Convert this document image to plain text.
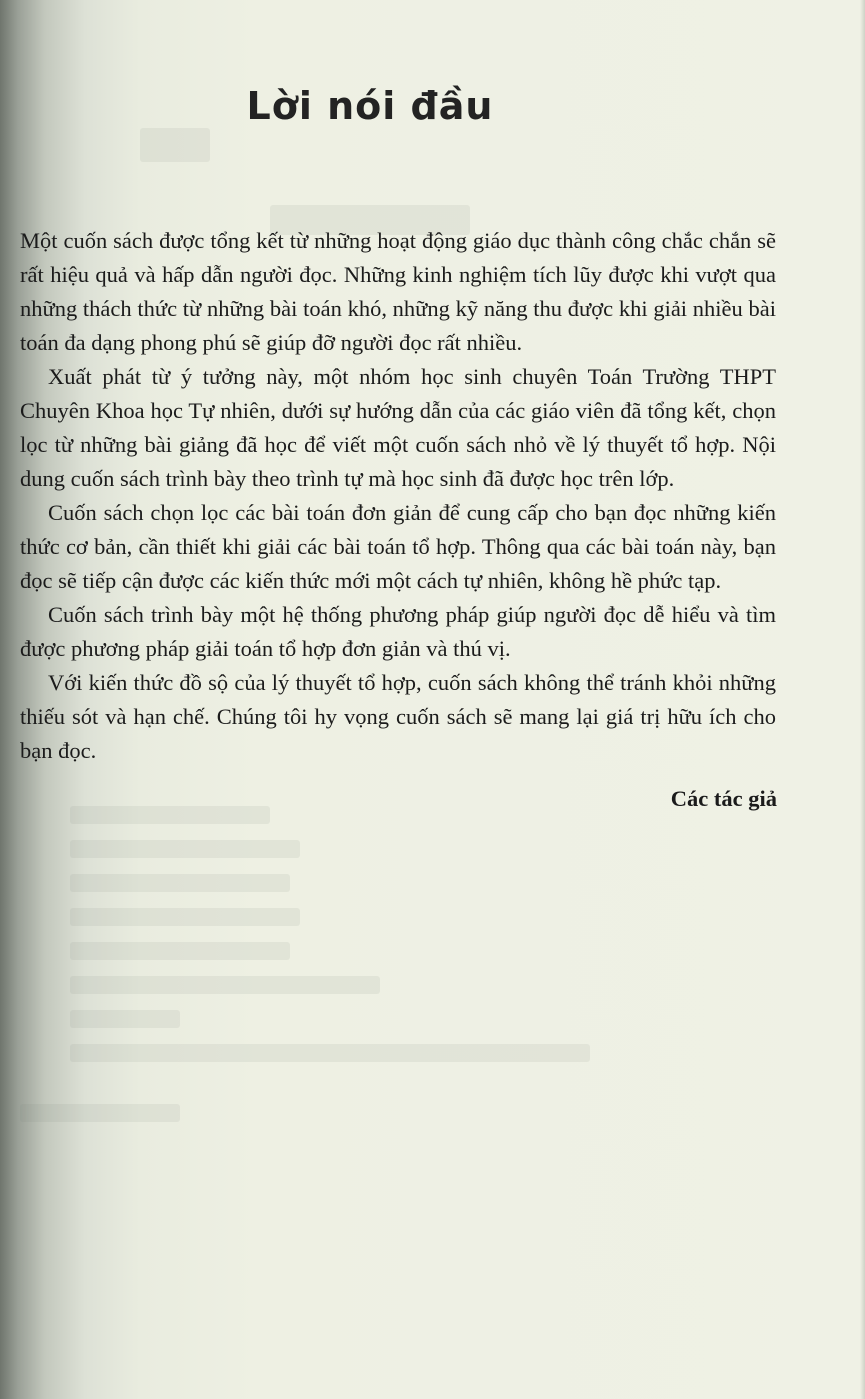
Lời nói đầu

Một cuốn sách được tổng kết từ những hoạt động giáo dục thành công chắc chắn sẽ rất hiệu quả và hấp dẫn người đọc. Những kinh nghiệm tích lũy được khi vượt qua những thách thức từ những bài toán khó, những kỹ năng thu được khi giải nhiều bài toán đa dạng phong phú sẽ giúp đỡ người đọc rất nhiều.

Xuất phát từ ý tưởng này, một nhóm học sinh chuyên Toán Trường THPT Chuyên Khoa học Tự nhiên, dưới sự hướng dẫn của các giáo viên đã tổng kết, chọn lọc từ những bài giảng đã học để viết một cuốn sách nhỏ về lý thuyết tổ hợp. Nội dung cuốn sách trình bày theo trình tự mà học sinh đã được học trên lớp.

Cuốn sách chọn lọc các bài toán đơn giản để cung cấp cho bạn đọc những kiến thức cơ bản, cần thiết khi giải các bài toán tổ hợp. Thông qua các bài toán này, bạn đọc sẽ tiếp cận được các kiến thức mới một cách tự nhiên, không hề phức tạp.

Cuốn sách trình bày một hệ thống phương pháp giúp người đọc dễ hiểu và tìm được phương pháp giải toán tổ hợp đơn giản và thú vị.

Với kiến thức đồ sộ của lý thuyết tổ hợp, cuốn sách không thể tránh khỏi những thiếu sót và hạn chế. Chúng tôi hy vọng cuốn sách sẽ mang lại giá trị hữu ích cho bạn đọc.

Các tác giả
